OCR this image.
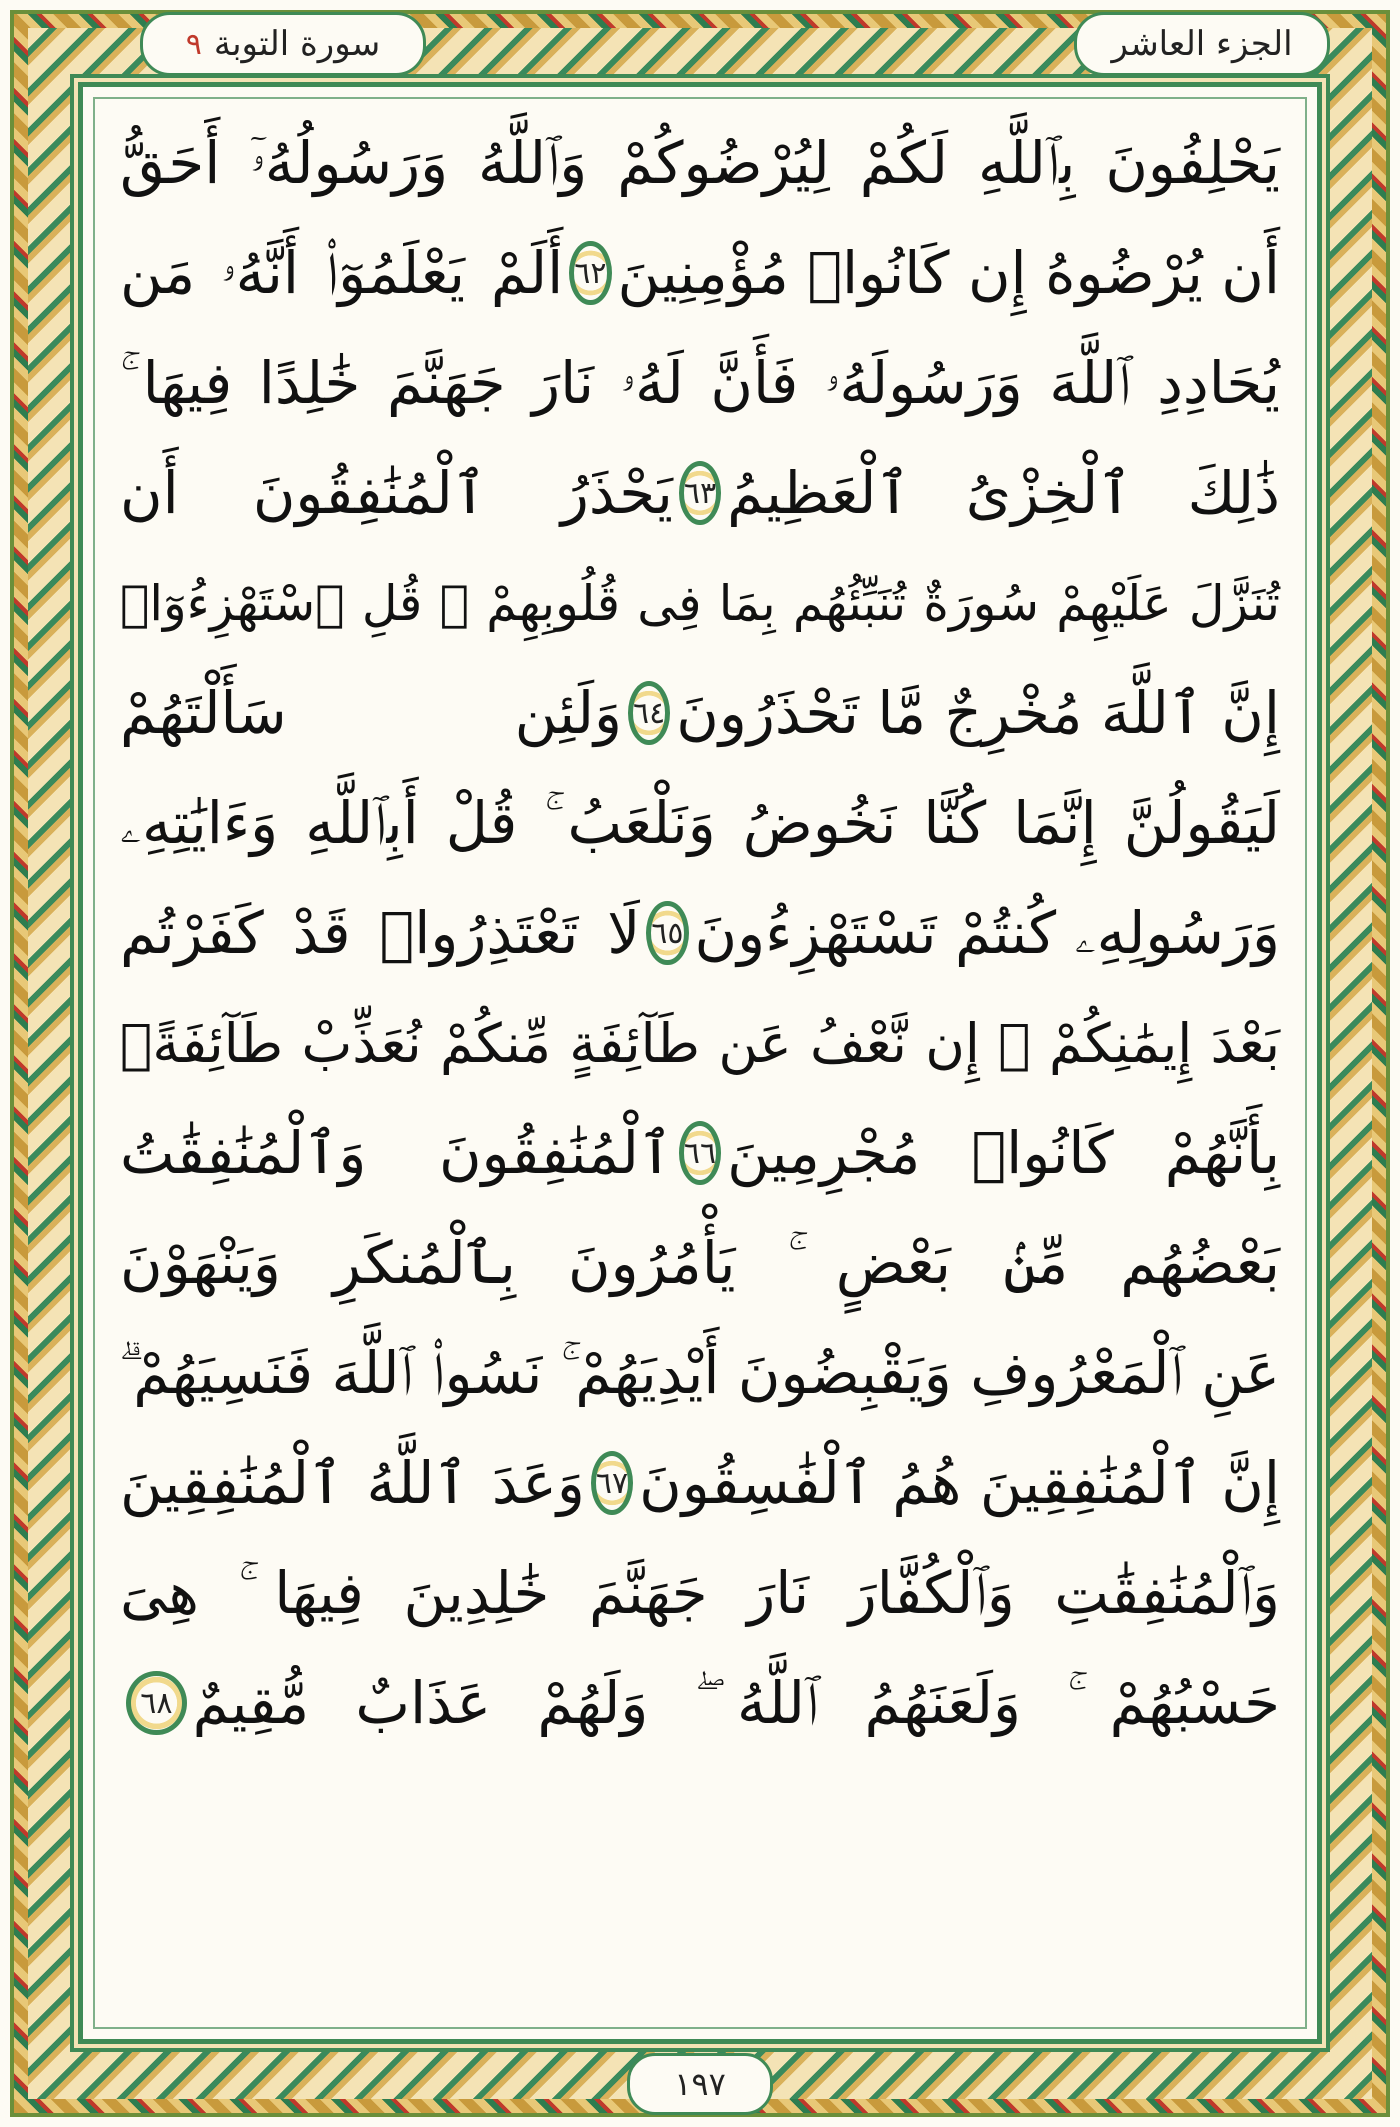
الجزء العاشر
سورة التوبة
٩
يَحْلِفُونَ بِٱللَّهِ لَكُمْ لِيُرْضُوكُمْ وَٱللَّهُ وَرَسُولُهُۥٓ أَحَقُّ
أَن يُرْضُوهُ إِن كَانُوا۟ مُؤْمِنِينَ
٦٢
أَلَمْ يَعْلَمُوٓا۟ أَنَّهُۥ مَن
يُحَادِدِ ٱللَّهَ وَرَسُولَهُۥ فَأَنَّ لَهُۥ نَارَ جَهَنَّمَ خَٰلِدًا فِيهَا ۚ
ذَٰلِكَ ٱلْخِزْىُ ٱلْعَظِيمُ
٦٣
يَحْذَرُ ٱلْمُنَٰفِقُونَ أَن
تُنَزَّلَ عَلَيْهِمْ سُورَةٌ تُنَبِّئُهُم بِمَا فِى قُلُوبِهِمْ ۚ قُلِ ٱسْتَهْزِءُوٓا۟
إِنَّ ٱللَّهَ مُخْرِجٌ مَّا تَحْذَرُونَ
٦٤
وَلَئِن سَأَلْتَهُمْ
لَيَقُولُنَّ إِنَّمَا كُنَّا نَخُوضُ وَنَلْعَبُ ۚ قُلْ أَبِٱللَّهِ وَءَايَٰتِهِۦ
وَرَسُولِهِۦ كُنتُمْ تَسْتَهْزِءُونَ
٦٥
لَا تَعْتَذِرُوا۟ قَدْ كَفَرْتُم
بَعْدَ إِيمَٰنِكُمْ ۚ إِن نَّعْفُ عَن طَآئِفَةٍ مِّنكُمْ نُعَذِّبْ طَآئِفَةًۢ
بِأَنَّهُمْ كَانُوا۟ مُجْرِمِينَ
٦٦
ٱلْمُنَٰفِقُونَ وَٱلْمُنَٰفِقَٰتُ
بَعْضُهُم مِّنۢ بَعْضٍ ۚ يَأْمُرُونَ بِٱلْمُنكَرِ وَيَنْهَوْنَ
عَنِ ٱلْمَعْرُوفِ وَيَقْبِضُونَ أَيْدِيَهُمْ ۚ نَسُوا۟ ٱللَّهَ فَنَسِيَهُمْ ۗ
إِنَّ ٱلْمُنَٰفِقِينَ هُمُ ٱلْفَٰسِقُونَ
٦٧
وَعَدَ ٱللَّهُ ٱلْمُنَٰفِقِينَ
وَٱلْمُنَٰفِقَٰتِ وَٱلْكُفَّارَ نَارَ جَهَنَّمَ خَٰلِدِينَ فِيهَا ۚ هِىَ
حَسْبُهُمْ ۚ وَلَعَنَهُمُ ٱللَّهُ ۖ وَلَهُمْ عَذَابٌ مُّقِيمٌ
٦٨
١٩٧
